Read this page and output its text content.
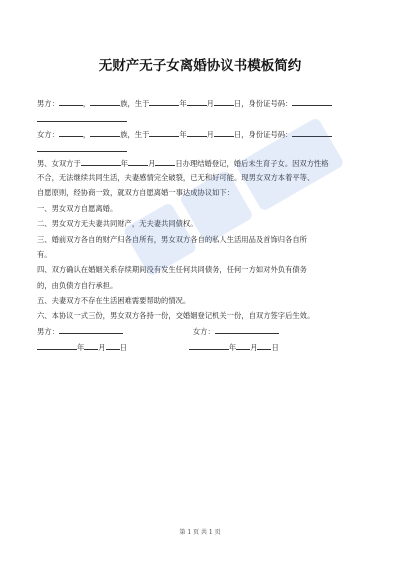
无财产无子女离婚协议书模板简约
男方：	，	族，生于	年	月	日，身份证号码：
女方：	，	族，生于	年	月	日，身份证号码：
男、女双方于	年	月	日办理结婚登记，婚后未生育子女。因双方性格
不合，无法继续共同生活，夫妻感情完全破裂，已无和好可能。现男女双方本着平等、
自愿原则，经协商一致，就双方自愿离婚一事达成协议如下：
一、男女双方自愿离婚。
二、男女双方无夫妻共同财产，无夫妻共同债权。
三、婚前双方各自的财产归各自所有，男女双方各自的私人生活用品及首饰归各自所
有。
四、双方确认在婚姻关系存续期间没有发生任何共同债务，任何一方如对外负有债务
的，由负债方自行承担。
五、夫妻双方不存在生活困难需要帮助的情况。
六、本协议一式三份，男女双方各持一份，交婚姻登记机关一份，自双方签字后生效。
男方：	女方：
年 月 日	年 月 日
第 1 页 共 1 页
